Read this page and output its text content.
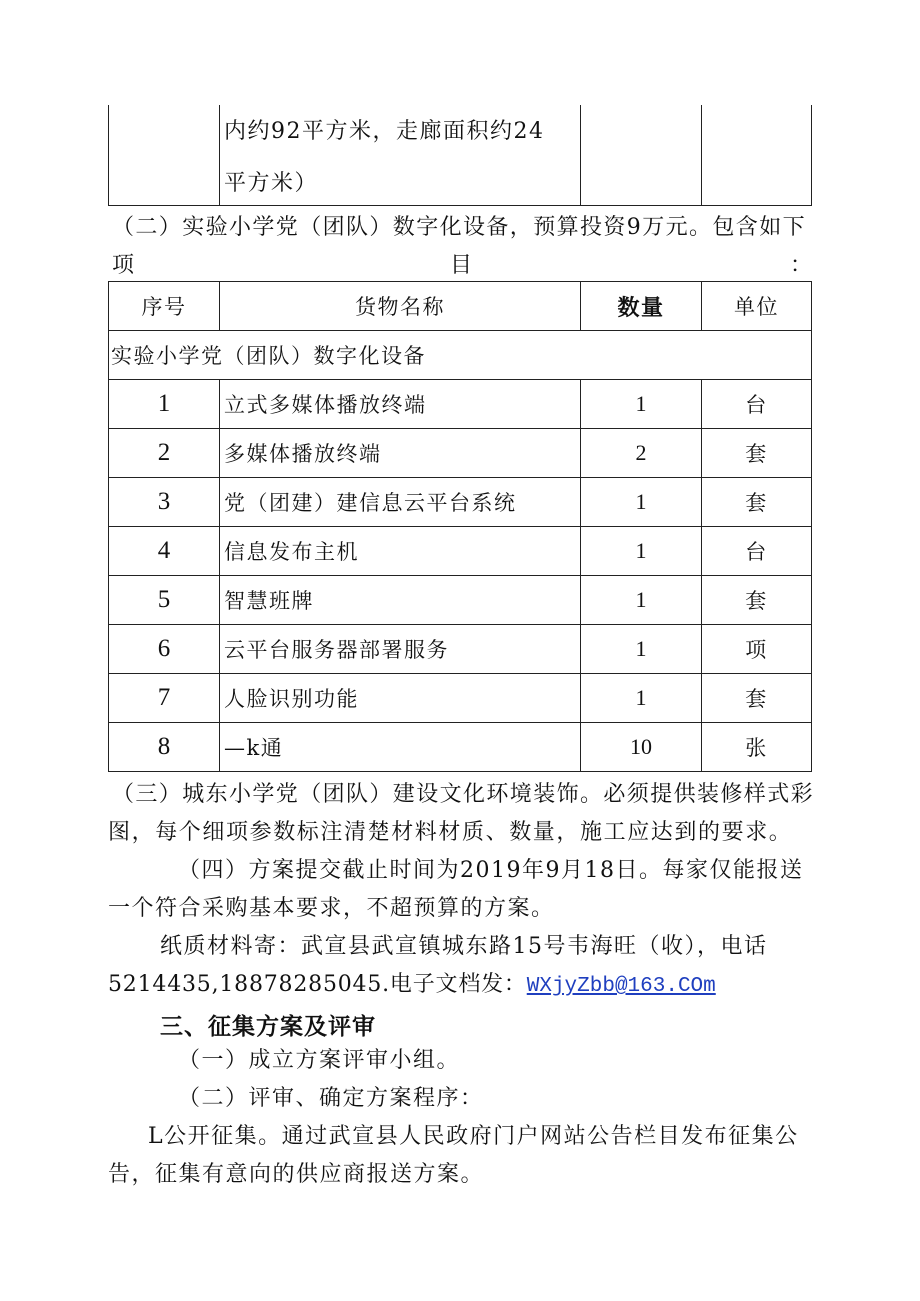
内约92平方米，走廊面积约24
平方米）
（二）实验小学党（团队）数字化设备，预算投资9万元。包含如下
项	目	：
序号	货物名称	数量	单位
实验小学党（团队）数字化设备
1	立式多媒体播放终端	1	台
2	多媒体播放终端	2	套
3	党（团建）建信息云平台系统	1	套
4	信息发布主机	1	台
5	智慧班牌	1	套
6	云平台服务器部署服务	1	项
7	人脸识别功能	1	套
8	—k通	10	张
（三）城东小学党（团队）建设文化环境装饰。必须提供装修样式彩
图，每个细项参数标注清楚材料材质、数量，施工应达到的要求。
（四）方案提交截止时间为2019年9月18日。每家仅能报送
一个符合采购基本要求，不超预算的方案。
纸质材料寄：武宣县武宣镇城东路15号韦海旺（收），电话
5214435,18878285045.电子文档发：WXjyZbb@163.COm
三、征集方案及评审
（一）成立方案评审小组。
（二）评审、确定方案程序：
L公开征集。通过武宣县人民政府门户网站公告栏目发布征集公
告，征集有意向的供应商报送方案。
